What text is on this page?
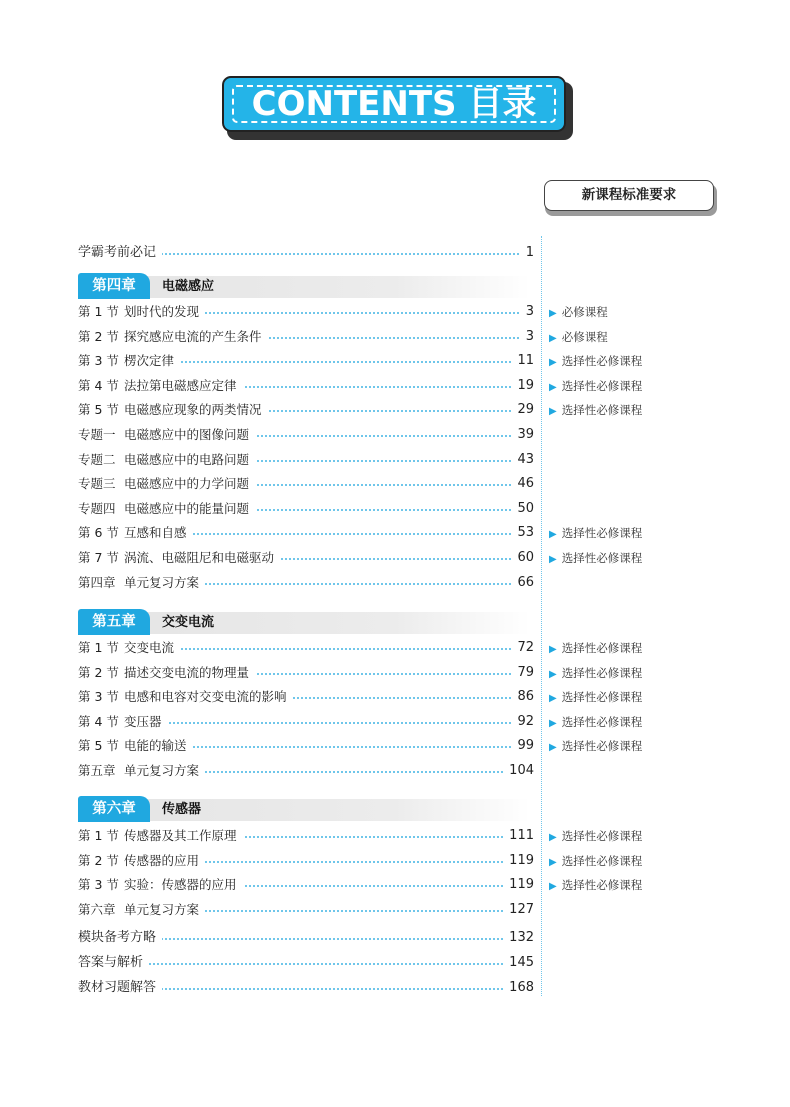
CONTENTS 目录
新课程标准要求
学霸考前必记	1
第四章	电磁感应
第 1 节 划时代的发现	3 ▶ 必修课程
第 2 节 探究感应电流的产生条件	3 ▶ 必修课程
第 3 节 楞次定律	11 ▶ 选择性必修课程
第 4 节 法拉第电磁感应定律	19 ▶ 选择性必修课程
第 5 节 电磁感应现象的两类情况	29 ▶ 选择性必修课程
专题一 电磁感应中的图像问题	39
专题二 电磁感应中的电路问题	43
专题三 电磁感应中的力学问题	46
专题四 电磁感应中的能量问题	50
第 6 节 互感和自感	53 ▶ 选择性必修课程
第 7 节 涡流、电磁阻尼和电磁驱动	60 ▶ 选择性必修课程
第四章 单元复习方案	66
第五章	交变电流
第 1 节 交变电流	72 ▶ 选择性必修课程
第 2 节 描述交变电流的物理量	79 ▶ 选择性必修课程
第 3 节 电感和电容对交变电流的影响	86 ▶ 选择性必修课程
第 4 节 变压器	92 ▶ 选择性必修课程
第 5 节 电能的输送	99 ▶ 选择性必修课程
第五章 单元复习方案	104
第六章	传感器
第 1 节 传感器及其工作原理	111 ▶ 选择性必修课程
第 2 节 传感器的应用	119 ▶ 选择性必修课程
第 3 节 实验：传感器的应用	119 ▶ 选择性必修课程
第六章 单元复习方案	127
模块备考方略	132
答案与解析	145
教材习题解答	168
